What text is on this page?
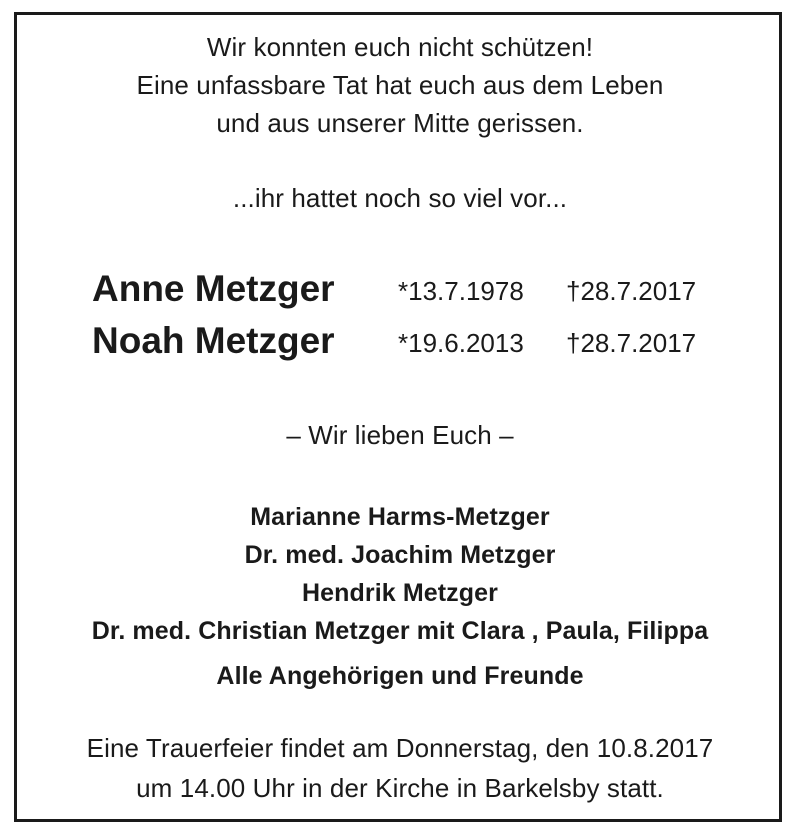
Wir konnten euch nicht schützen!
Eine unfassbare Tat hat euch aus dem Leben
und aus unserer Mitte gerissen.
...ihr hattet noch so viel vor...
Anne Metzger *13.7.1978 †28.7.2017
Noah Metzger *19.6.2013 †28.7.2017
– Wir lieben Euch –
Marianne Harms-Metzger
Dr. med. Joachim Metzger
Hendrik Metzger
Dr. med. Christian Metzger mit Clara , Paula, Filippa
Alle Angehörigen und Freunde
Eine Trauerfeier findet am Donnerstag, den 10.8.2017
um 14.00 Uhr in der Kirche in Barkelsby statt.
